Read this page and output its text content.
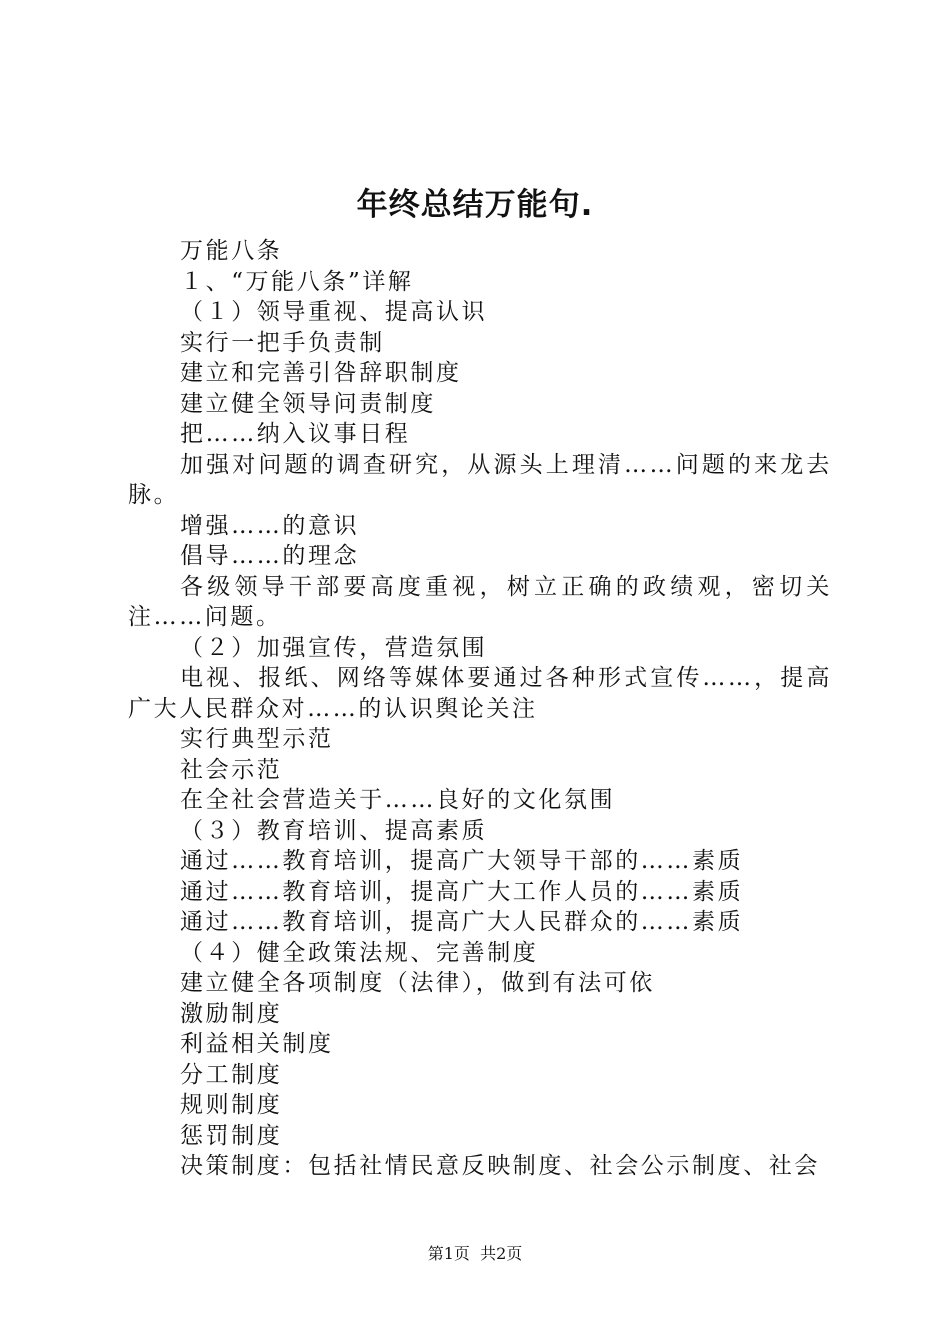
年终总结万能句.

万能八条

１、“万能八条”详解

（１）领导重视、提高认识

实行一把手负责制

建立和完善引咎辞职制度

建立健全领导问责制度

把……纳入议事日程

加强对问题的调查研究，从源头上理清……问题的来龙去脉。

增强……的意识

倡导……的理念

各级领导干部要高度重视，树立正确的政绩观，密切关注……问题。

（２）加强宣传，营造氛围

电视、报纸、网络等媒体要通过各种形式宣传……，提高广大人民群众对……的认识舆论关注

实行典型示范

社会示范

在全社会营造关于……良好的文化氛围

（３）教育培训、提高素质

通过……教育培训，提高广大领导干部的……素质

通过……教育培训，提高广大工作人员的……素质

通过……教育培训，提高广大人民群众的……素质

（４）健全政策法规、完善制度

建立健全各项制度（法律），做到有法可依

激励制度

利益相关制度

分工制度

规则制度

惩罚制度

决策制度：包括社情民意反映制度、社会公示制度、社会

第1页  共2页
